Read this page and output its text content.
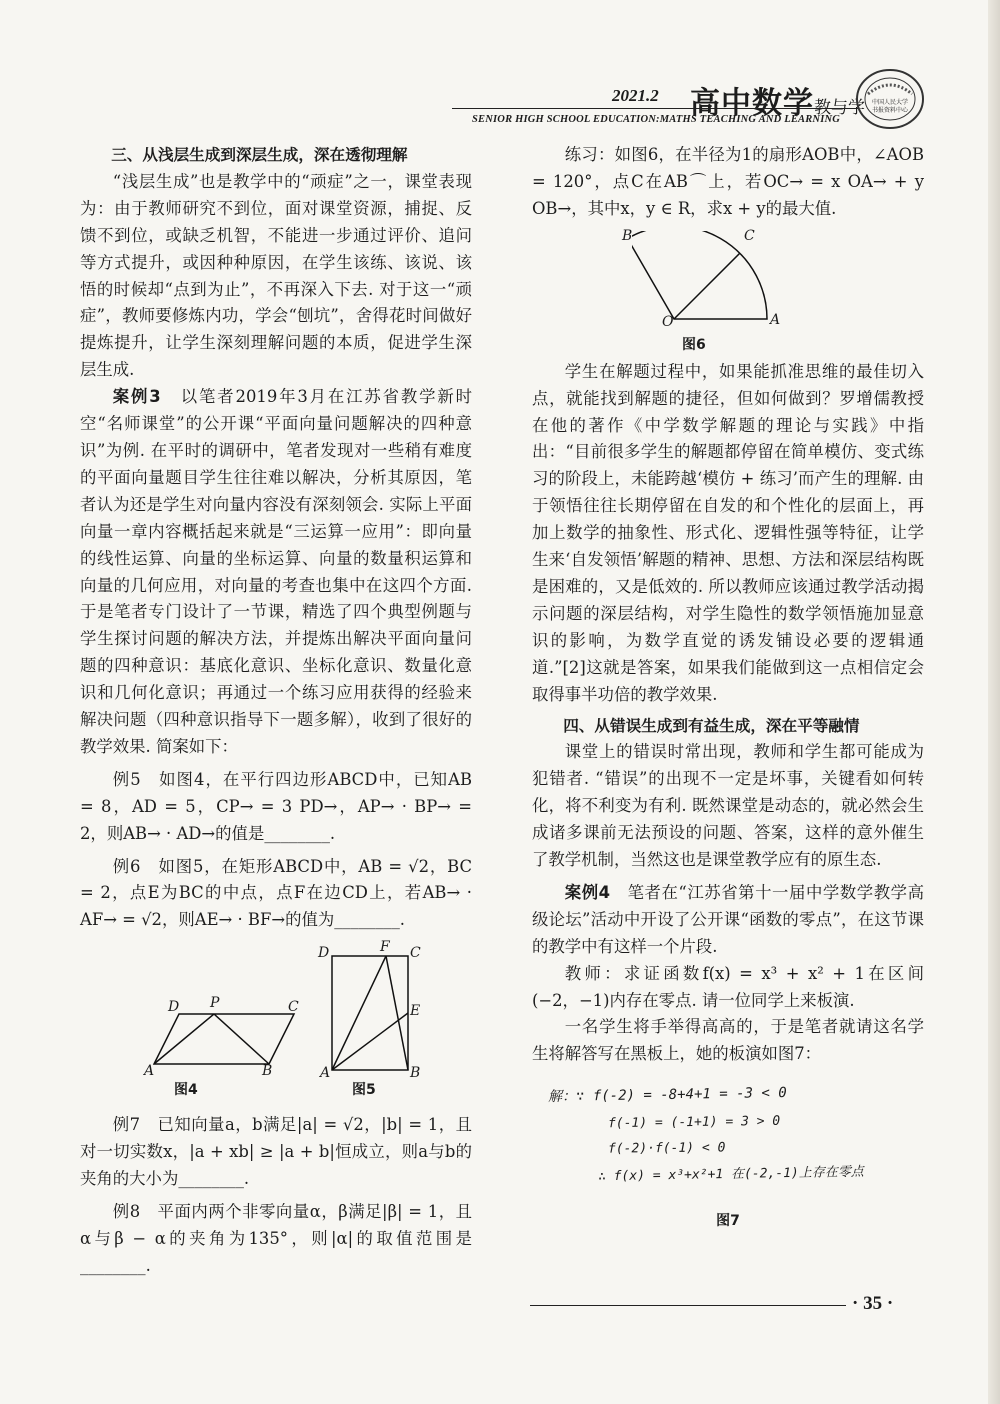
2021.2 高中数学教与学
SENIOR HIGH SCHOOL EDUCATION:MATHS TEACHING AND LEARNING
中国人民大学
书报资料中心

三、从浅层生成到深层生成，深在透彻理解

“浅层生成”也是教学中的“顽症”之一，课堂表现为：由于教师研究不到位，面对课堂资源，捕捉、反馈不到位，或缺乏机智，不能进一步通过评价、追问等方式提升，或因种种原因，在学生该练、该说、该悟的时候却“点到为止”，不再深入下去. 对于这一“顽症”，教师要修炼内功，学会“刨坑”，舍得花时间做好提炼提升，让学生深刻理解问题的本质，促进学生深层生成.

案例3　以笔者2019年3月在江苏省教学新时空“名师课堂”的公开课“平面向量问题解决的四种意识”为例. 在平时的调研中，笔者发现对一些稍有难度的平面向量题目学生往往难以解决，分析其原因，笔者认为还是学生对向量内容没有深刻领会. 实际上平面向量一章内容概括起来就是“三运算一应用”：即向量的线性运算、向量的坐标运算、向量的数量积运算和向量的几何应用，对向量的考查也集中在这四个方面. 于是笔者专门设计了一节课，精选了四个典型例题与学生探讨问题的解决方法，并提炼出解决平面向量问题的四种意识：基底化意识、坐标化意识、数量化意识和几何化意识；再通过一个练习应用获得的经验来解决问题（四种意识指导下一题多解），收到了很好的教学效果. 简案如下：

例5　如图4，在平行四边形ABCD中，已知AB = 8，AD = 5，CP→ = 3 PD→，AP→ · BP→ = 2，则AB→ · AD→的值是________.

例6　如图5，在矩形ABCD中，AB = √2，BC = 2，点E为BC的中点，点F在边CD上，若AB→ · AF→ = √2，则AE→ · BF→的值为________.

D P	C
A	B
图4
D	F C
E
A	B
图5

例7　已知向量a，b满足|a| = √2，|b| = 1，且对一切实数x，|a + xb| ≥ |a + b|恒成立，则a与b的夹角的大小为________.

例8　平面内两个非零向量α，β满足|β| = 1，且α与β − α的夹角为135°，则|α|的取值范围是________.

练习：如图6，在半径为1的扇形AOB中，∠AOB = 120°，点C在AB⌒上，若OC→ = x OA→ + y OB→，其中x，y ∈ R，求x + y的最大值.

B	C
O	A
图6

学生在解题过程中，如果能抓准思维的最佳切入点，就能找到解题的捷径，但如何做到？罗增儒教授在他的著作《中学数学解题的理论与实践》中指出：“目前很多学生的解题都停留在简单模仿、变式练习的阶段上，未能跨越‘模仿 + 练习’而产生的理解. 由于领悟往往长期停留在自发的和个性化的层面上，再加上数学的抽象性、形式化、逻辑性强等特征，让学生来‘自发领悟’解题的精神、思想、方法和深层结构既是困难的，又是低效的. 所以教师应该通过教学活动揭示问题的深层结构，对学生隐性的数学领悟施加显意识的影响，为数学直觉的诱发铺设必要的逻辑通道.”[2]这就是答案，如果我们能做到这一点相信定会取得事半功倍的教学效果.

四、从错误生成到有益生成，深在平等融情

课堂上的错误时常出现，教师和学生都可能成为犯错者. “错误”的出现不一定是坏事，关键看如何转化，将不利变为有利. 既然课堂是动态的，就必然会生成诸多课前无法预设的问题、答案，这样的意外催生了教学机制，当然这也是课堂教学应有的原生态.

案例4　笔者在“江苏省第十一届中学数学教学高级论坛”活动中开设了公开课“函数的零点”，在这节课的教学中有这样一个片段.

教师：求证函数f(x) = x³ + x² + 1在区间(−2，−1)内存在零点. 请一位同学上来板演.

一名学生将手举得高高的，于是笔者就请这名学生将解答写在黑板上，她的板演如图7：

解：∵ f(-2) = -8+4+1 = -3 < 0
f(-1) = (-1+1) = 3 > 0
f(-2)·f(-1) < 0
∴ f(x) = x³+x²+1 在(-2,-1)上存在零点

图7

· 35 ·
